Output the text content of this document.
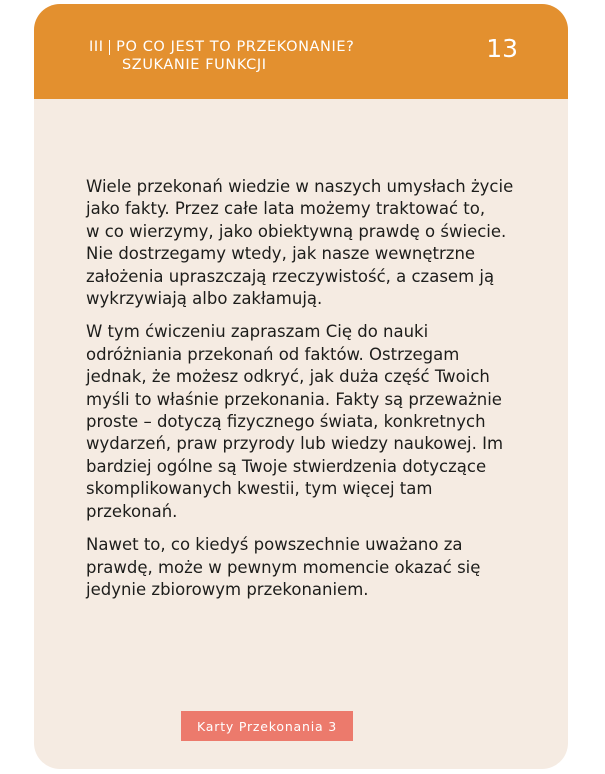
III PO CO JEST TO PRZEKONANIE?
SZUKANIE FUNKCJI
13

Wiele przekonań wiedzie w naszych umysłach życie
jako fakty. Przez całe lata możemy traktować to,
w co wierzymy, jako obiektywną prawdę o świecie.
Nie dostrzegamy wtedy, jak nasze wewnętrzne
założenia upraszczają rzeczywistość, a czasem ją
wykrzywiają albo zakłamują.

W tym ćwiczeniu zapraszam Cię do nauki
odróżniania przekonań od faktów. Ostrzegam
jednak, że możesz odkryć, jak duża część Twoich
myśli to właśnie przekonania. Fakty są przeważnie
proste – dotyczą fizycznego świata, konkretnych
wydarzeń, praw przyrody lub wiedzy naukowej. Im
bardziej ogólne są Twoje stwierdzenia dotyczące
skomplikowanych kwestii, tym więcej tam
przekonań.

Nawet to, co kiedyś powszechnie uważano za
prawdę, może w pewnym momencie okazać się
jedynie zbiorowym przekonaniem.

Karty Przekonania 3
